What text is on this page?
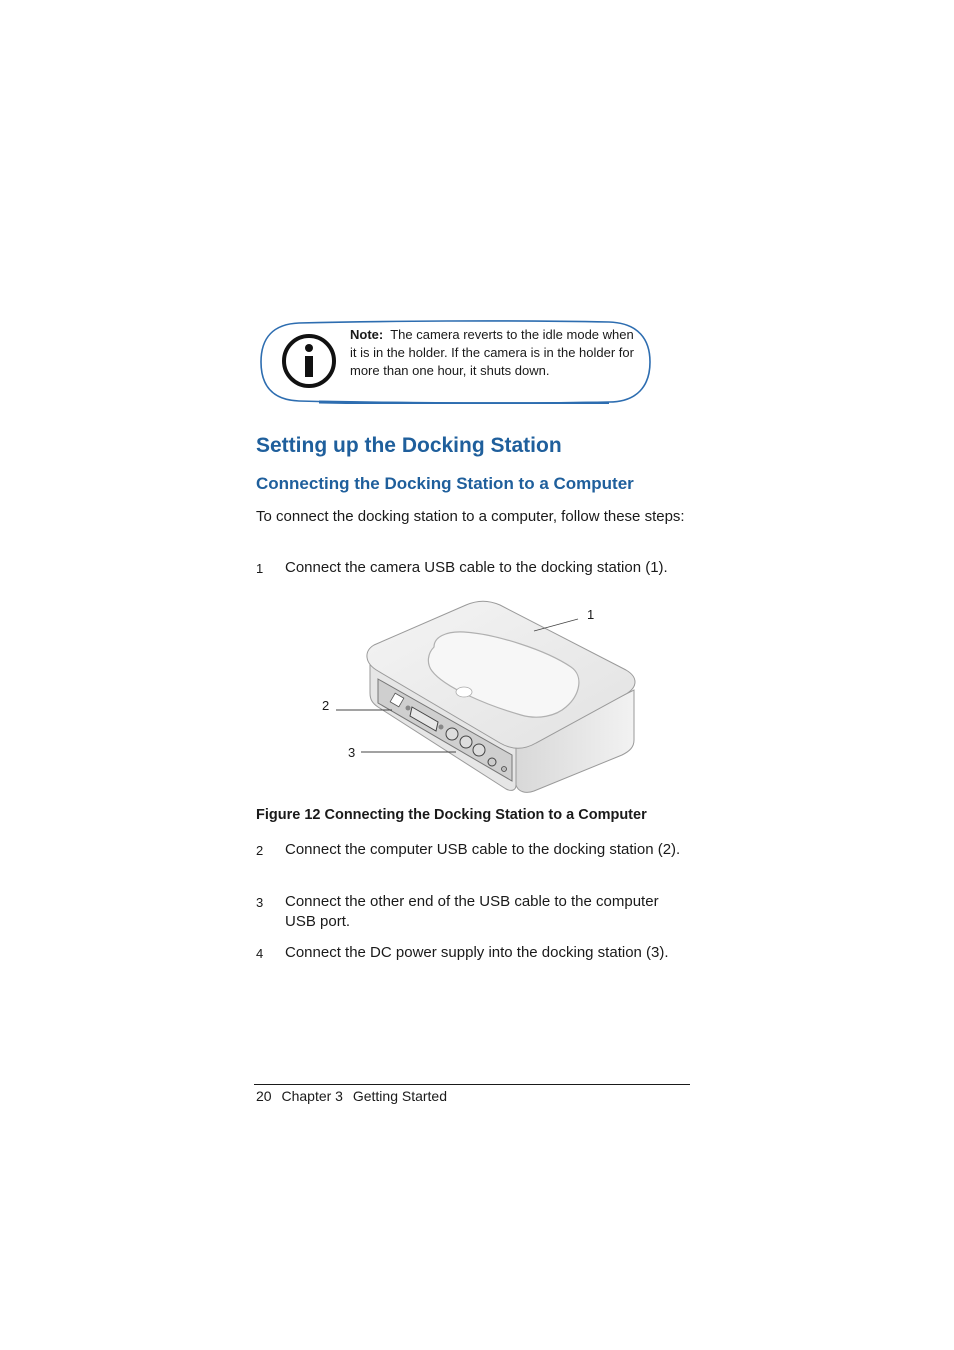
Note: The camera reverts to the idle mode when it is in the holder. If the camera is in the holder for more than one hour, it shuts down.
Setting up the Docking Station
Connecting the Docking Station to a Computer

To connect the docking station to a computer, follow these steps:

1 Connect the camera USB cable to the docking station (1).
1
2
3
Figure 12 Connecting the Docking Station to a Computer
2 Connect the computer USB cable to the docking station (2).
3 Connect the other end of the USB cable to the computer USB port.
4 Connect the DC power supply into the docking station (3).
20 Chapter 3 Getting Started
